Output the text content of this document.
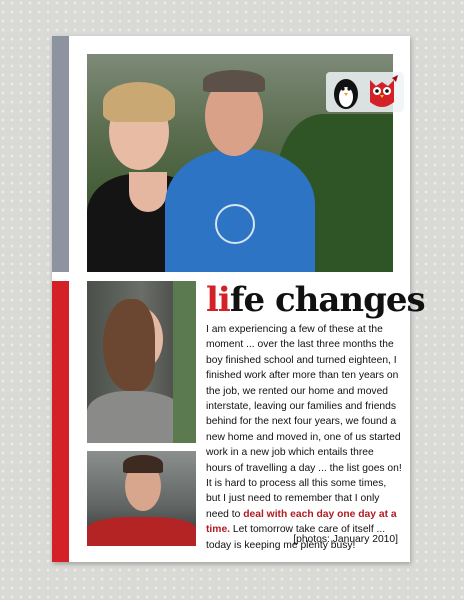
life changes

I am experiencing a few of these at the moment ... over the last three months the boy finished school and turned eighteen, I finished work after more than ten years on the job, we rented our home and moved interstate, leaving our families and friends behind for the next four years, we found a new home and moved in, one of us started work in a new job which entails three hours of travelling a day ... the list goes on! It is hard to process all this some times, but I just need to remember that I only need to deal with each day one day at a time. Let tomorrow take care of itself ... today is keeping me plenty busy!

[photos: January 2010]
